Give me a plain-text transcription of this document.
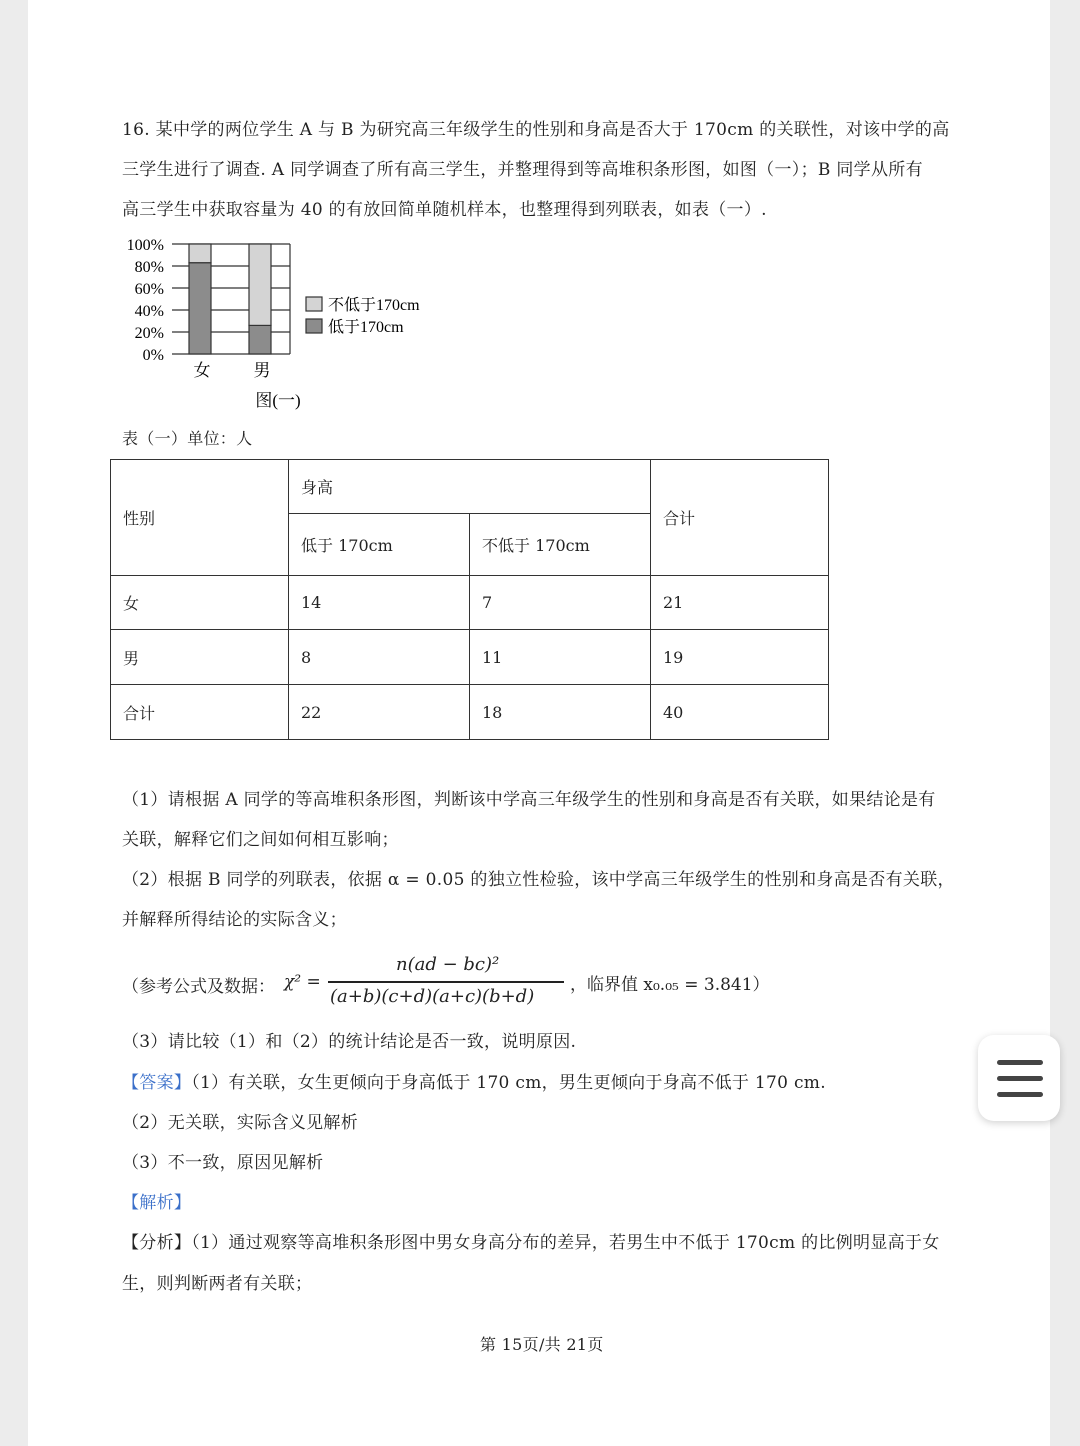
16. 某中学的两位学生 A 与 B 为研究高三年级学生的性别和身高是否大于 170cm 的关联性，对该中学的高
三学生进行了调查. A 同学调查了所有高三学生，并整理得到等高堆积条形图，如图（一）；B 同学从所有
高三学生中获取容量为 40 的有放回简单随机样本，也整理得到列联表，如表（一）.
100%
80%
60%
40%
20%
0%
女	男
不低于170cm
低于170cm
图(一)
表（一）单位：人
性别	身高		合计
	低于 170cm	不低于 170cm	
女	14	7	21
男	8	11	19
合计	22	18	40
（1）请根据 A 同学的等高堆积条形图，判断该中学高三年级学生的性别和身高是否有关联，如果结论是有
关联，解释它们之间如何相互影响；
（2）根据 B 同学的列联表，依据 α = 0.05 的独立性检验，该中学高三年级学生的性别和身高是否有关联，
并解释所得结论的实际含义；
（参考公式及数据： χ² =
n(ad − bc)²
(a+b)(c+d)(a+c)(b+d)
，临界值 x₀.₀₅ = 3.841）
（3）请比较（1）和（2）的统计结论是否一致，说明原因.
【答案】（1）有关联，女生更倾向于身高低于 170 cm，男生更倾向于身高不低于 170 cm.
（2）无关联，实际含义见解析
（3）不一致，原因见解析
【解析】
【分析】（1）通过观察等高堆积条形图中男女身高分布的差异，若男生中不低于 170cm 的比例明显高于女
生，则判断两者有关联；
第 15页/共 21页
